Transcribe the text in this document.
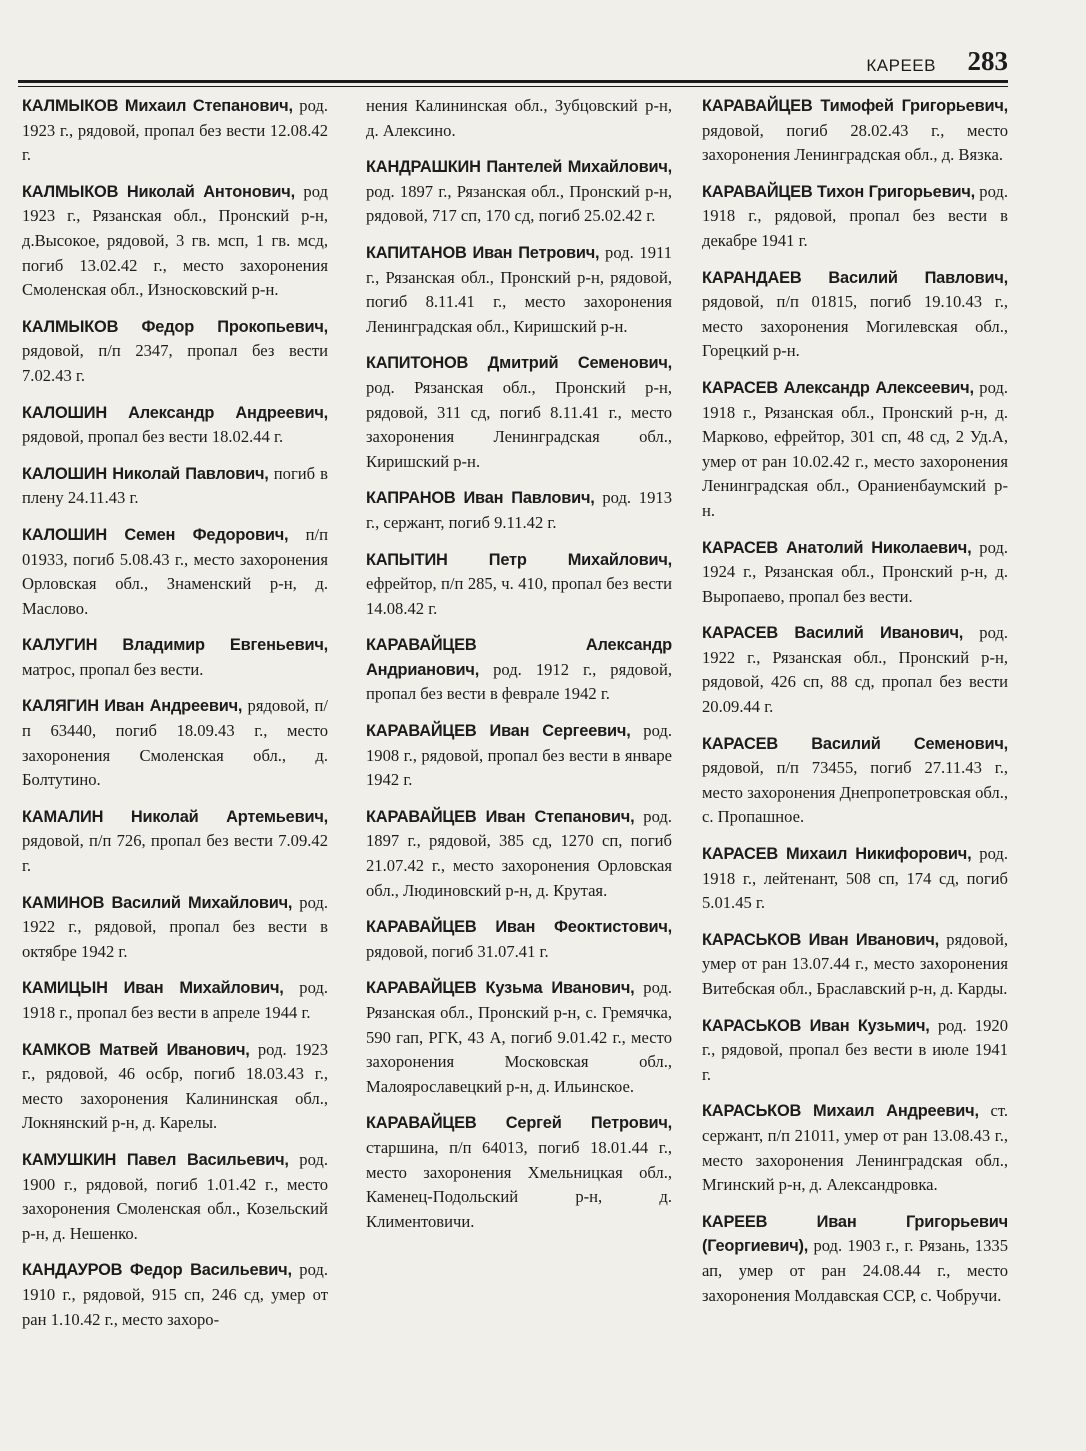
КАРЕЕВ 283

КАЛМЫКОВ Михаил Степанович, род. 1923 г., рядовой, пропал без вести 12.08.42 г.

КАЛМЫКОВ Николай Антонович, род 1923 г., Рязанская обл., Пронский р-н, д.Высокое, рядовой, 3 гв. мсп, 1 гв. мсд, погиб 13.02.42 г., место захоронения Смоленская обл., Износковский р-н.

КАЛМЫКОВ Федор Прокопьевич, рядовой, п/п 2347, пропал без вести 7.02.43 г.

КАЛОШИН Александр Андреевич, рядовой, пропал без вести 18.02.44 г.

КАЛОШИН Николай Павлович, погиб в плену 24.11.43 г.

КАЛОШИН Семен Федорович, п/п 01933, погиб 5.08.43 г., место захоронения Орловская обл., Знаменский р-н, д. Маслово.

КАЛУГИН Владимир Евгеньевич, матрос, пропал без вести.

КАЛЯГИН Иван Андреевич, рядовой, п/п 63440, погиб 18.09.43 г., место захоронения Смоленская обл., д. Болтутино.

КАМАЛИН Николай Артемьевич, рядовой, п/п 726, пропал без вести 7.09.42 г.

КАМИНОВ Василий Михайлович, род. 1922 г., рядовой, пропал без вести в октябре 1942 г.

КАМИЦЫН Иван Михайлович, род. 1918 г., пропал без вести в апреле 1944 г.

КАМКОВ Матвей Иванович, род. 1923 г., рядовой, 46 осбр, погиб 18.03.43 г., место захоронения Калининская обл., Локнянский р-н, д. Карелы.

КАМУШКИН Павел Васильевич, род. 1900 г., рядовой, погиб 1.01.42 г., место захоронения Смоленская обл., Козельский р-н, д. Нешенко.

КАНДАУРОВ Федор Васильевич, род. 1910 г., рядовой, 915 сп, 246 сд, умер от ран 1.10.42 г., место захоро-

нения Калининская обл., Зубцовский р-н, д. Алексино.

КАНДРАШКИН Пантелей Михайлович, род. 1897 г., Рязанская обл., Пронский р-н, рядовой, 717 сп, 170 сд, погиб 25.02.42 г.

КАПИТАНОВ Иван Петрович, род. 1911 г., Рязанская обл., Пронский р-н, рядовой, погиб 8.11.41 г., место захоронения Ленинградская обл., Киришский р-н.

КАПИТОНОВ Дмитрий Семенович, род. Рязанская обл., Пронский р-н, рядовой, 311 сд, погиб 8.11.41 г., место захоронения Ленинградская обл., Киришский р-н.

КАПРАНОВ Иван Павлович, род. 1913 г., сержант, погиб 9.11.42 г.

КАПЫТИН Петр Михайлович, ефрейтор, п/п 285, ч. 410, пропал без вести 14.08.42 г.

КАРАВАЙЦЕВ Александр Андрианович, род. 1912 г., рядовой, пропал без вести в феврале 1942 г.

КАРАВАЙЦЕВ Иван Сергеевич, род. 1908 г., рядовой, пропал без вести в январе 1942 г.

КАРАВАЙЦЕВ Иван Степанович, род. 1897 г., рядовой, 385 сд, 1270 сп, погиб 21.07.42 г., место захоронения Орловская обл., Людиновский р-н, д. Крутая.

КАРАВАЙЦЕВ Иван Феоктистович, рядовой, погиб 31.07.41 г.

КАРАВАЙЦЕВ Кузьма Иванович, род. Рязанская обл., Пронский р-н, с. Гремячка, 590 гап, РГК, 43 А, погиб 9.01.42 г., место захоронения Московская обл., Малоярославецкий р-н, д. Ильинское.

КАРАВАЙЦЕВ Сергей Петрович, старшина, п/п 64013, погиб 18.01.44 г., место захоронения Хмельницкая обл., Каменец-Подольский р-н, д. Климентовичи.

КАРАВАЙЦЕВ Тимофей Григорьевич, рядовой, погиб 28.02.43 г., место захоронения Ленинградская обл., д. Вязка.

КАРАВАЙЦЕВ Тихон Григорьевич, род. 1918 г., рядовой, пропал без вести в декабре 1941 г.

КАРАНДАЕВ Василий Павлович, рядовой, п/п 01815, погиб 19.10.43 г., место захоронения Могилевская обл., Горецкий р-н.

КАРАСЕВ Александр Алексеевич, род. 1918 г., Рязанская обл., Пронский р-н, д. Марково, ефрейтор, 301 сп, 48 сд, 2 Уд.А, умер от ран 10.02.42 г., место захоронения Ленинградская обл., Ораниенбаумский р-н.

КАРАСЕВ Анатолий Николаевич, род. 1924 г., Рязанская обл., Пронский р-н, д. Выропаево, пропал без вести.

КАРАСЕВ Василий Иванович, род. 1922 г., Рязанская обл., Пронский р-н, рядовой, 426 сп, 88 сд, пропал без вести 20.09.44 г.

КАРАСЕВ Василий Семенович, рядовой, п/п 73455, погиб 27.11.43 г., место захоронения Днепропетровская обл., с. Пропашное.

КАРАСЕВ Михаил Никифорович, род. 1918 г., лейтенант, 508 сп, 174 сд, погиб 5.01.45 г.

КАРАСЬКОВ Иван Иванович, рядовой, умер от ран 13.07.44 г., место захоронения Витебская обл., Браславский р-н, д. Карды.

КАРАСЬКОВ Иван Кузьмич, род. 1920 г., рядовой, пропал без вести в июле 1941 г.

КАРАСЬКОВ Михаил Андреевич, ст. сержант, п/п 21011, умер от ран 13.08.43 г., место захоронения Ленинградская обл., Мгинский р-н, д. Александровка.

КАРЕЕВ Иван Григорьевич (Георгиевич), род. 1903 г., г. Рязань, 1335 ап, умер от ран 24.08.44 г., место захоронения Молдавская ССР, с. Чобручи.
